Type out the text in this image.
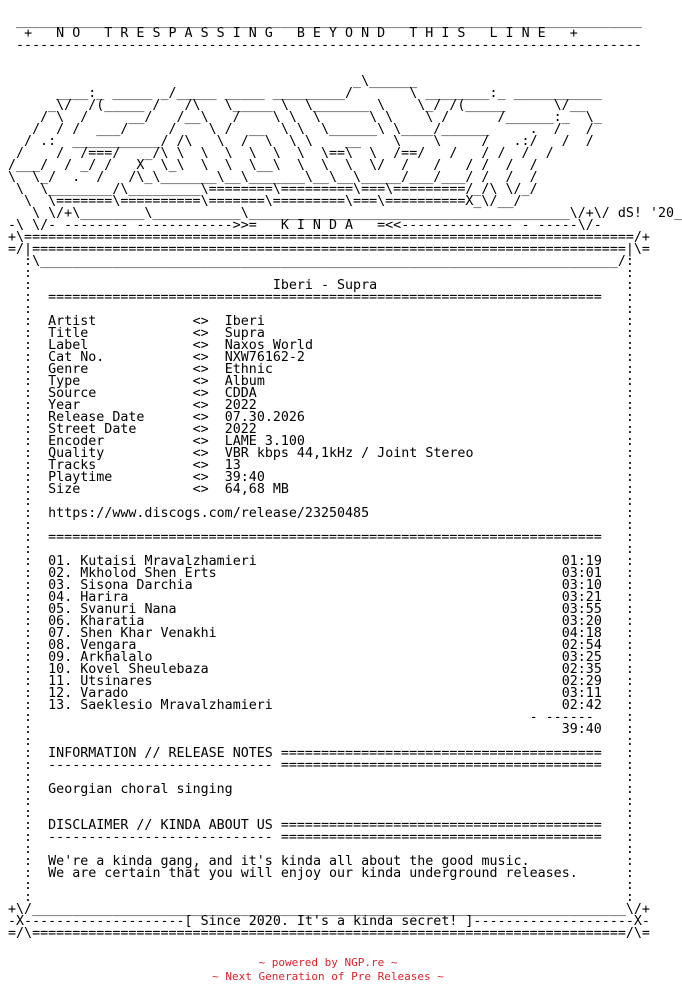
______________________________________________________________________________
+   N O   T R E S P A S S I N G   B E Y O N D   T H I S   L I N E   +
------------------------------------------------------------------------------

_\______
____:_ _____ _/_____ _____ _________/       \ ________:_ ___________
_\/  /(_____ /   /\   \_____ \  \_______ \    \_/ /(_____      \/__
/ \  /     __/   /__\   /    \ \  \      \ \    \ /      /______:_  \_
/  / /  ___/     /    \ /  __  \ \  \______\ \____/______     .  /   /
/ .:  ___________/ /\   \  /  \  \ \    __    \    \     /   .:/   /  /
/    /  /===/   _/\ \  \  \  \  \  \  \==\  \  /==/   /   / /  /  /
/___/  / _/ /   X  \_\  \  \  \__\  \  \  \  \/  /   /   / /  /  /
\  \_/  .  /   /\_\_______\__\_______\__\__\_____/___/___/ /  /  /
\  \________/\_________\========\=========\===\=========/_/\ \/_/
\  \=======\==========\=======\=========\===\==========X_\/__/
\ \/+\________\___________\________________________________________\/+\/ dS! '20_
-\ \/- -------- ------------>>=   K I N D A   =<<-------------- - -----\/-
+\============================================================================/+
=/|==========================================================================|\=
:\________________________________________________________________________/:
:                                                                          :
:	Iberi - Supra	:
:  =====================================================================   :
:	:
: Artist	<> Iberi	:
: Title	<> Supra	:
: Label	<> Naxos World	:
: Cat No.	<> NXW76162-2	:
: Genre	<> Ethnic	:
: Type	<> Album	:
: Source	<> CDDA	:
: Year	<> 2022	:
: Release Date	<> 07.30.2026	:
: Street Date	<> 2022	:
: Encoder	<> LAME 3.100	:
: Quality	<> VBR kbps 44,1kHz / Joint Stereo	:
: Tracks	<> 13	:
: Playtime	<> 39:40	:
: Size	<> 64,68 MB	:
:	:
: https://www.discogs.com/release/23250485	:
:	:
:  =====================================================================   :
:	:
: 01. Kutaisi Mravalzhamieri	01:19   :
: 02. Mkholod Shen Erts	03:01   :
: 03. Sisona Darchia	03:10   :
: 04. Harira	03:21   :
: 05. Svanuri Nana	03:55   :
: 06. Kharatia	03:20   :
: 07. Shen Khar Venakhi	04:18   :
: 08. Vengara	02:54   :
: 09. Arkhalalo	03:25   :
: 10. Kovel Sheulebaza	02:35   :
: 11. Utsinares	02:29   :
: 12. Varado	03:11   :
: 13. Saeklesio Mravalzhamieri	02:42   :
:                                                              - ------    :
:	39:40   :
:	:
: INFORMATION // RELEASE NOTES ========================================   :
:  ---------------------------- ========================================   :
:	:
: Georgian choral singing	:
:	:
:	:
: DISCLAIMER // KINDA ABOUT US ========================================   :
:  ---------------------------- ========================================   :
:	:
: We're a kinda gang, and it's kinda all about the good music.	:
: We are certain that you will enjoy our kinda underground releases.	:
:	:
:	:
+\/__________________________________________________________________________\/+
-X--------------------[ Since 2020. It's a kinda secret! ]--------------------X-
=/\==========================================================================/\=

~ powered by NGP.re ~
~ Next Generation of Pre Releases ~
